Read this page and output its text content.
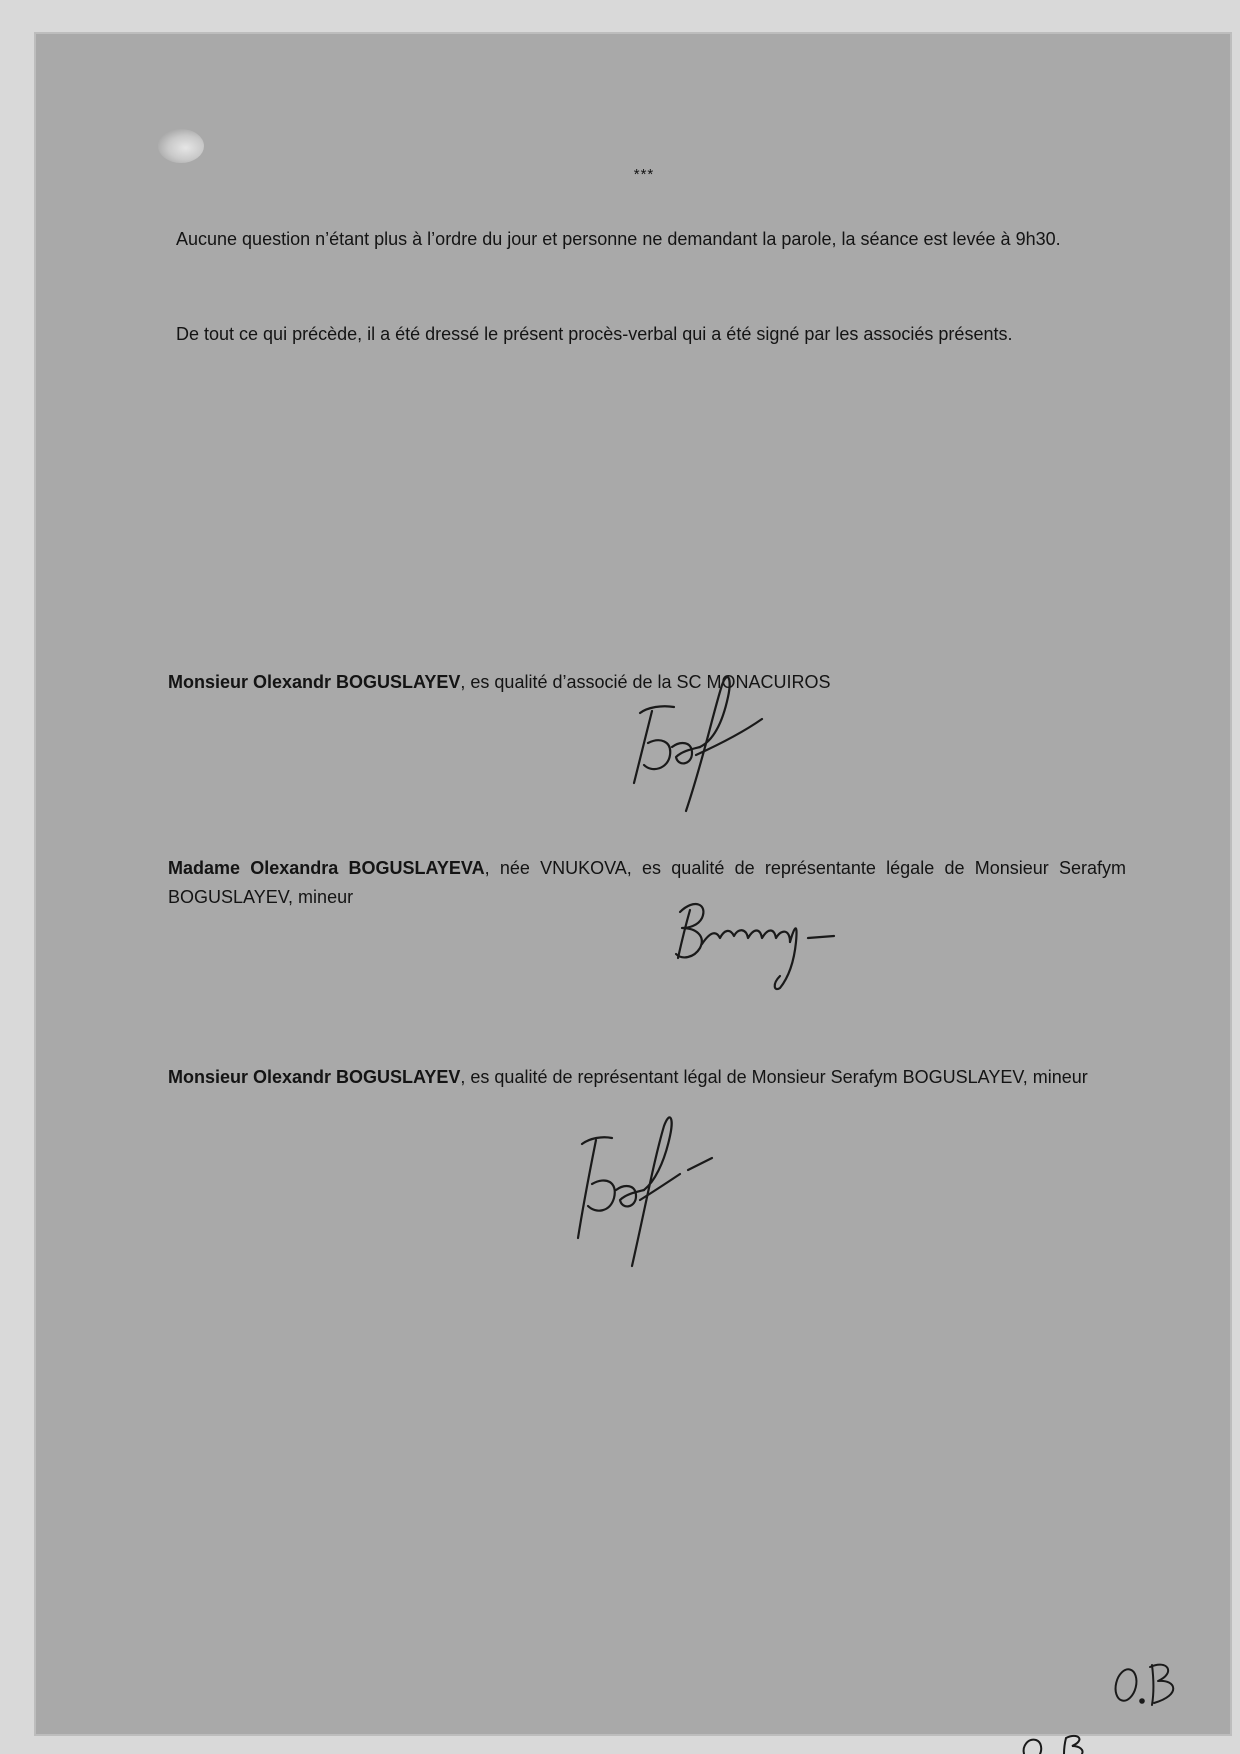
***

Aucune question n’étant plus à l’ordre du jour et personne ne demandant la parole, la séance est levée à 9h30.

De tout ce qui précède, il a été dressé le présent procès-verbal qui a été signé par les associés présents.

Monsieur Olexandr BOGUSLAYEV, es qualité d’associé de la SC MONACUIROS

Madame Olexandra BOGUSLAYEVA, née VNUKOVA, es qualité de représentante légale de Monsieur Serafym BOGUSLAYEV, mineur

Monsieur Olexandr BOGUSLAYEV, es qualité de représentant légal de Monsieur Serafym BOGUSLAYEV, mineur
